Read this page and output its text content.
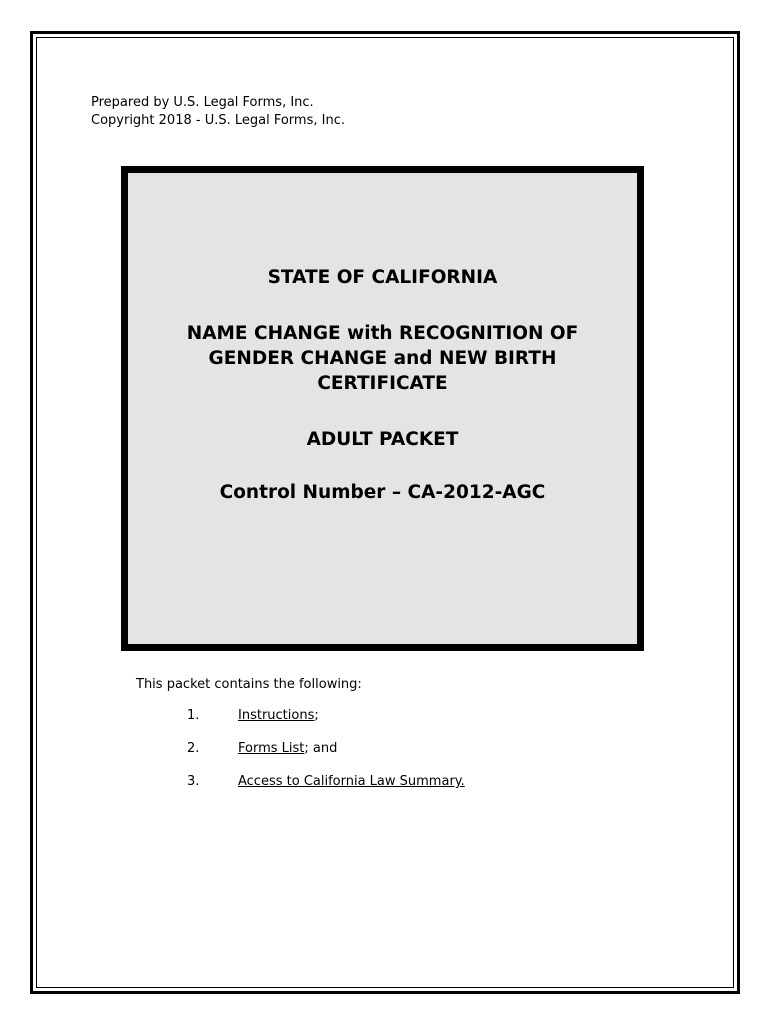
Prepared by U.S. Legal Forms, Inc.
Copyright 2018 - U.S. Legal Forms, Inc.
STATE OF CALIFORNIA
NAME CHANGE with RECOGNITION OF
GENDER CHANGE and NEW BIRTH
CERTIFICATE
ADULT PACKET
Control Number – CA-2012-AGC
This packet contains the following:
1.	Instructions;
2.	Forms List; and
3.	Access to California Law Summary.
